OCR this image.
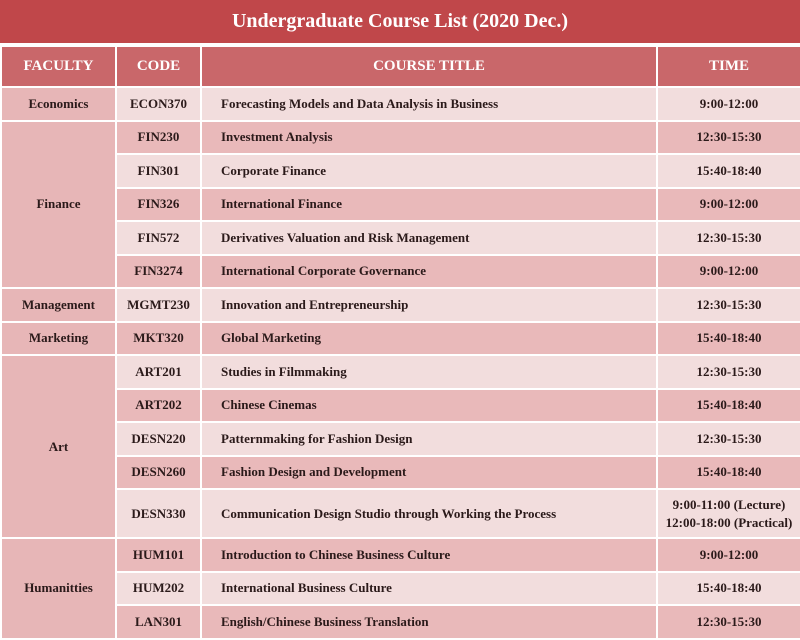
Undergraduate Course List (2020 Dec.)
FACULTY	CODE	COURSE TITLE	TIME
Economics	ECON370	Forecasting Models and Data Analysis in Business	9:00-12:00
Finance	FIN230	Investment Analysis	12:30-15:30
	FIN301	Corporate Finance	15:40-18:40
	FIN326	International Finance	9:00-12:00
	FIN572	Derivatives Valuation and Risk Management	12:30-15:30
	FIN3274	International Corporate Governance	9:00-12:00
Management	MGMT230	Innovation and Entrepreneurship	12:30-15:30
Marketing	MKT320	Global Marketing	15:40-18:40
Art	ART201	Studies in Filmmaking	12:30-15:30
	ART202	Chinese Cinemas	15:40-18:40
	DESN220	Patternmaking for Fashion Design	12:30-15:30
	DESN260	Fashion Design and Development	15:40-18:40
	DESN330	Communication Design Studio through Working the Process	9:00-11:00 (Lecture)
12:00-18:00 (Practical)

Humanitties	HUM101	Introduction to Chinese Business Culture	9:00-12:00
	HUM202	International Business Culture	15:40-18:40
	LAN301	English/Chinese Business Translation	12:30-15:30
